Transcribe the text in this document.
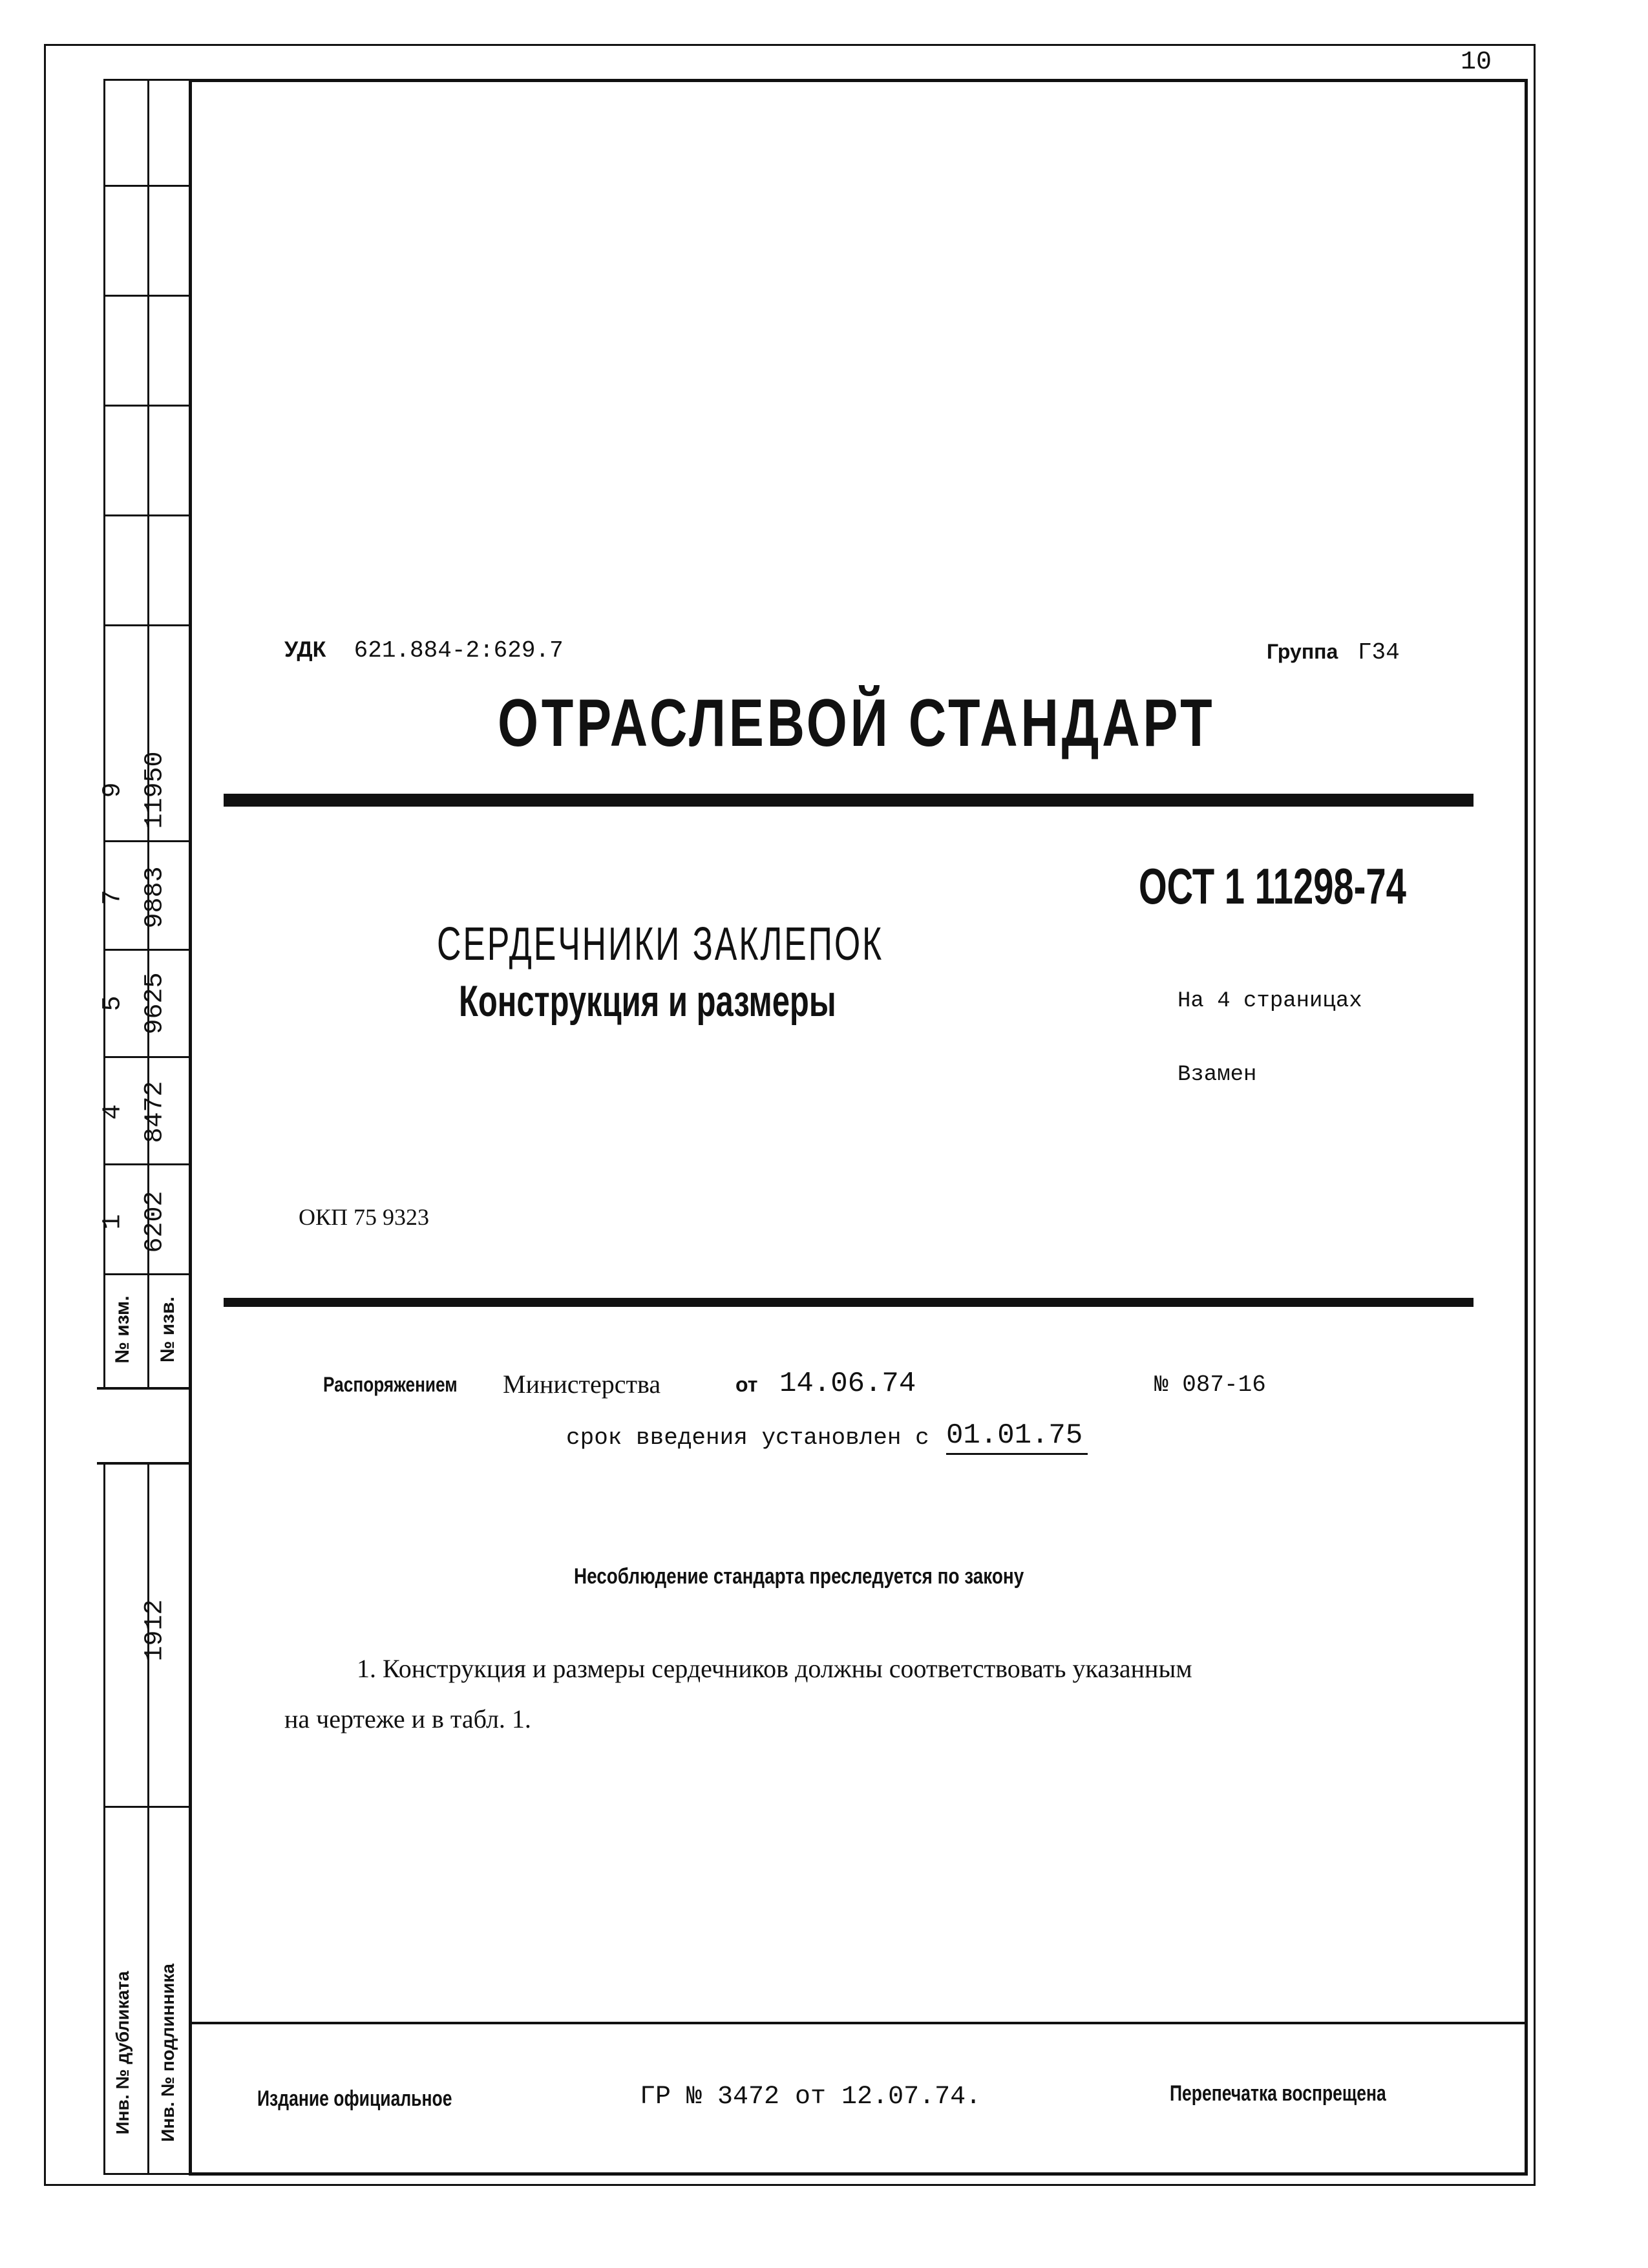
10
9 11950
7 9883
5 9625
4 8472
1 6202
№ изм. № изв.
1912
Инв. № дубликата Инв. № подлинника
УДК  621.884-2:629.7	Группа  Г34
ОТРАСЛЕВОЙ СТАНДАРТ
ОСТ 1 11298-74
СЕРДЕЧНИКИ ЗАКЛЕПОК
Конструкция и размеры	На 4 страницах
Взамен
ОКП 75 9323
Распоряжением Министерства	от 14.06.74	№ 087-16
срок введения установлен с 01.01.75
Несоблюдение стандарта преследуется по закону
1. Конструкция и размеры сердечников должны соответствовать указанным
на чертеже и в табл. 1.
Издание официальное	ГР № 3472 от 12.07.74.	Перепечатка воспрещена
